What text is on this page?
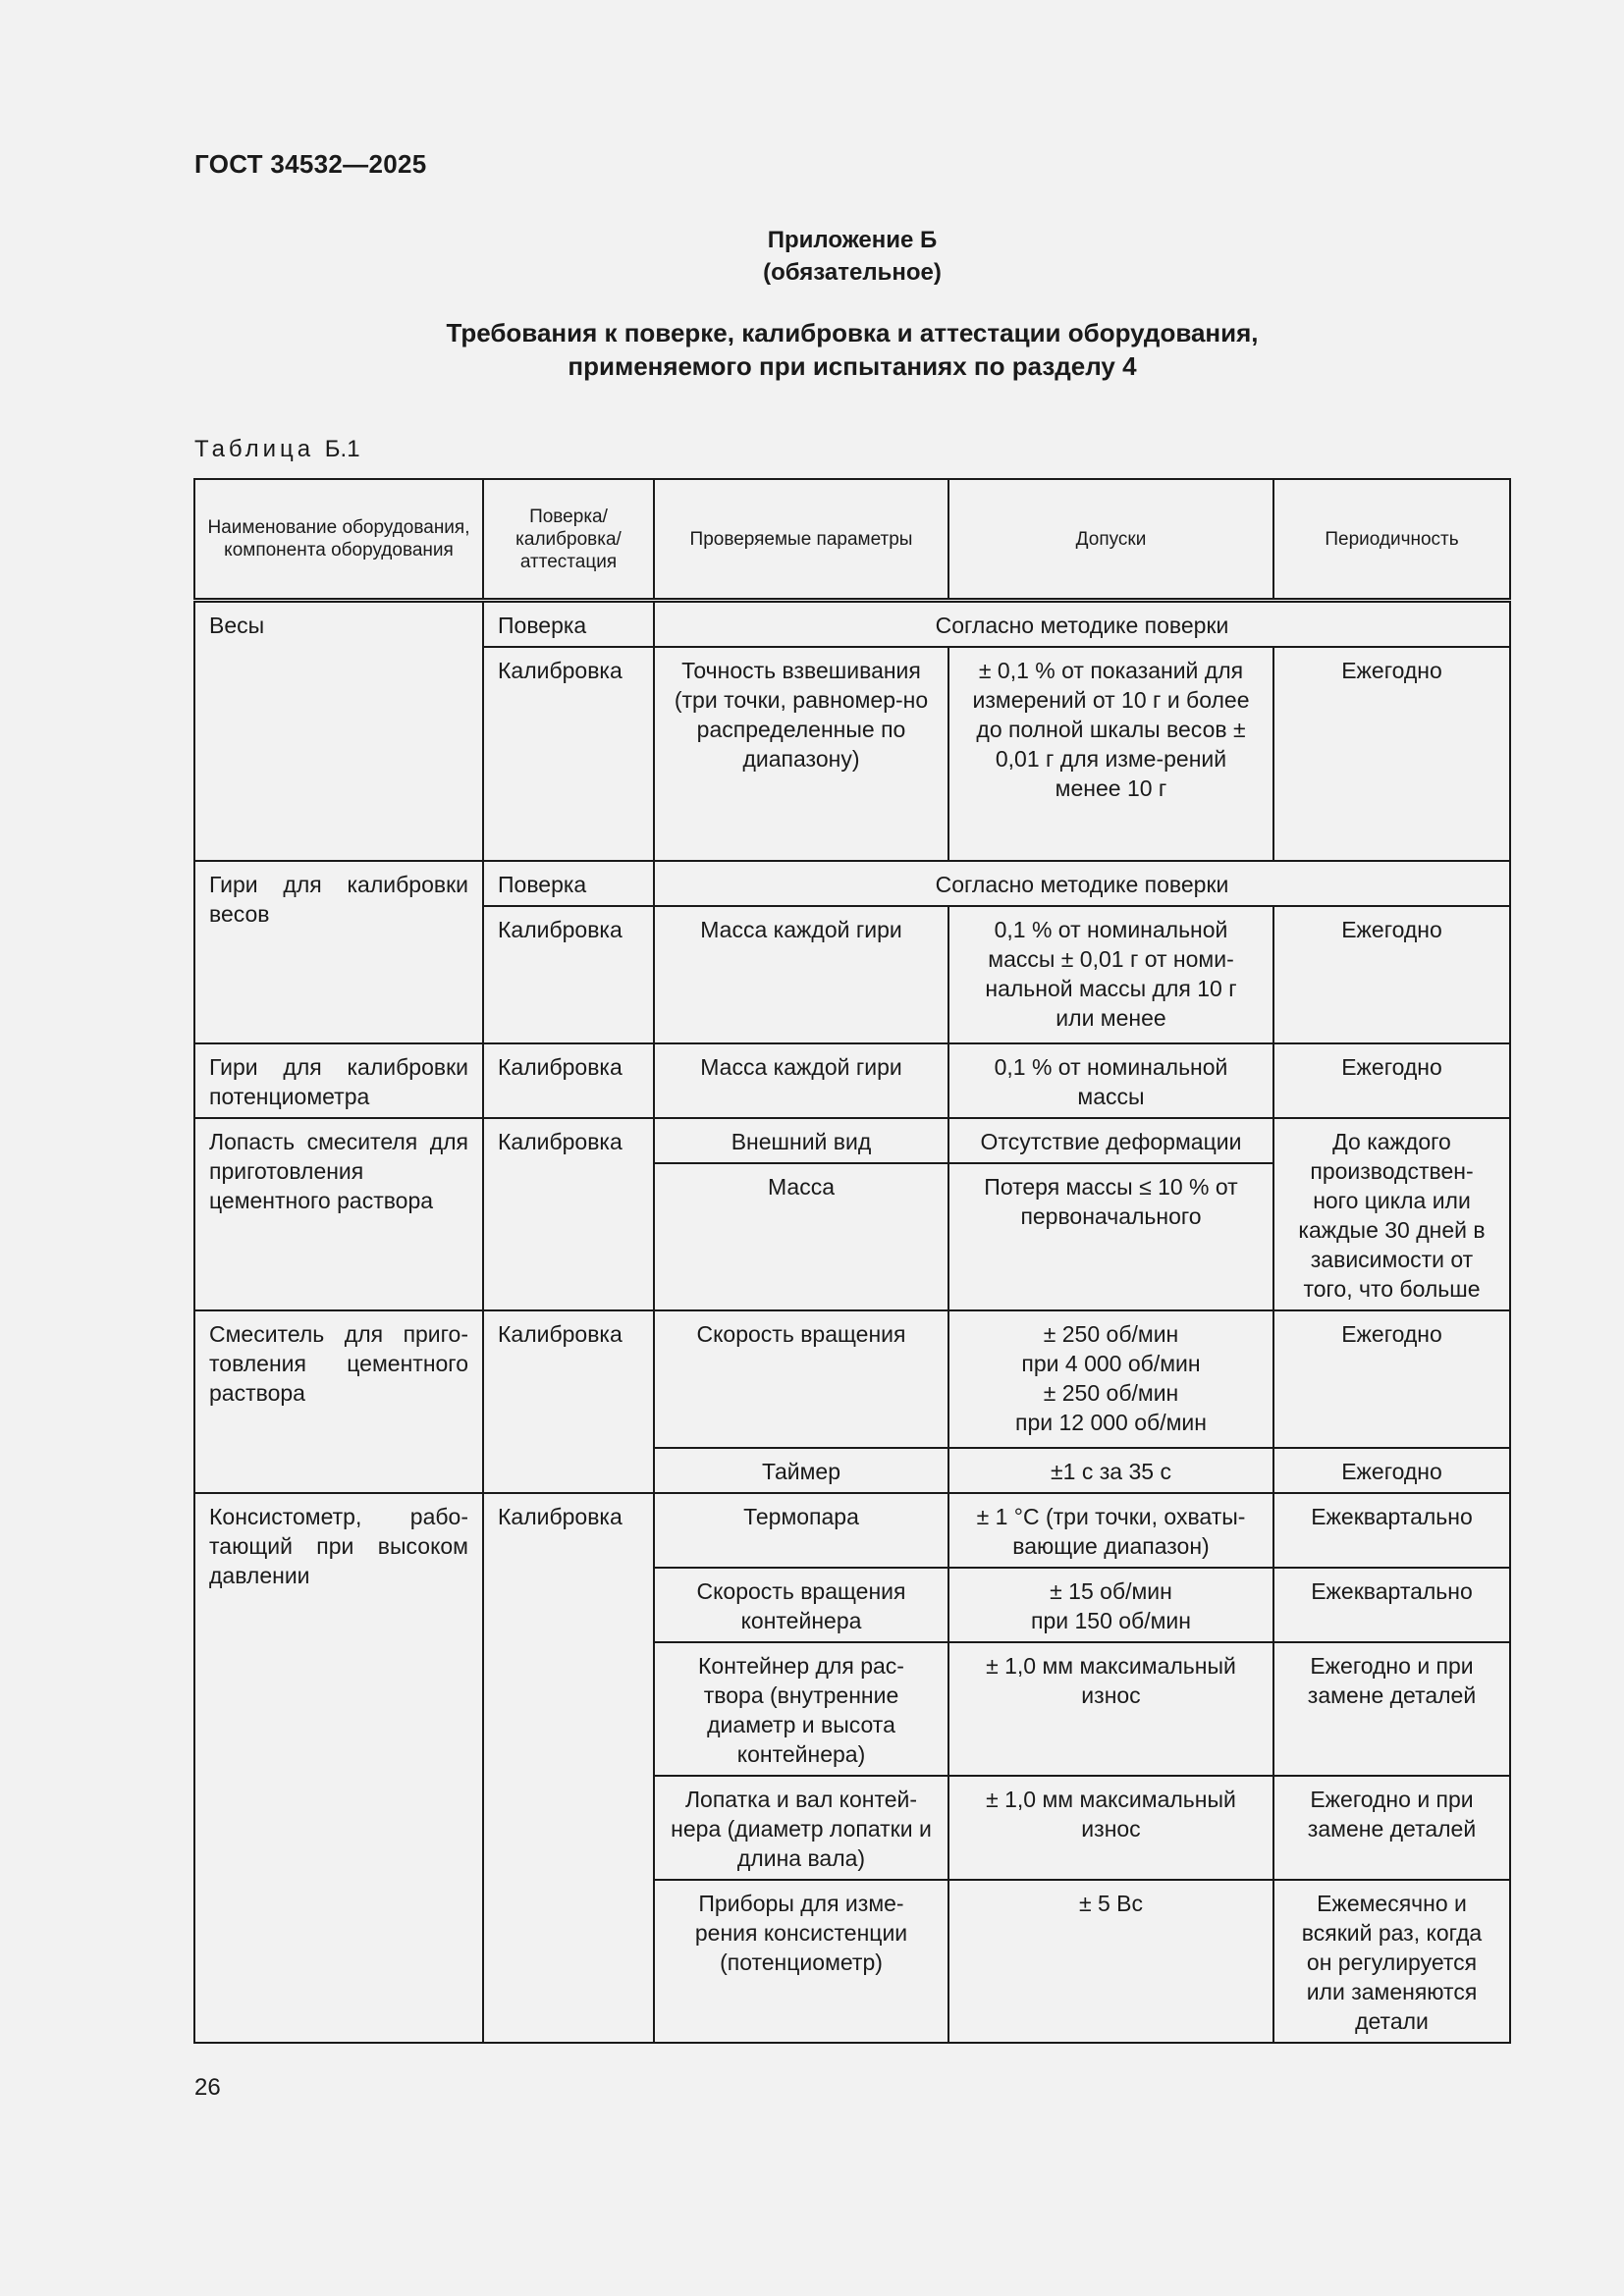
ГОСТ 34532—2025
Приложение Б
(обязательное)
Требования к поверке, калибровка и аттестации оборудования,
применяемого при испытаниях по разделу 4
Таблица Б.1
Наименование оборудования, компонента оборудования	Поверка/ калибровка/ аттестация	Проверяемые параметры	Допуски	Периодичность
Весы	Поверка	Согласно методике поверки		
	Калибровка	Точность взвешивания (три точки, равномер-но распределенные по диапазону)	± 0,1 % от показаний для измерений от 10 г и более до полной шкалы весов ± 0,01 г для изме-рений менее 10 г	Ежегодно
Гири для калибровки весов	Поверка	Согласно методике поверки		
	Калибровка	Масса каждой гири	0,1 % от номинальной массы ± 0,01 г от номи-нальной массы для 10 г или менее	Ежегодно
Гири для калибровки потенциометра	Калибровка	Масса каждой гири	0,1 % от номинальной массы	Ежегодно
Лопасть смесителя для приготовления цементного раствора	Калибровка	Внешний вид	Отсутствие деформации	До каждого производствен-ного цикла или каждые 30 дней в зависимости от того, что больше
		Масса	Потеря массы ≤ 10 % от первоначального	
Смеситель для приго-товления цементного раствора	Калибровка	Скорость вращения	± 250 об/мин
при 4 000 об/мин
± 250 об/мин
при 12 000 об/мин	Ежегодно
		Таймер	±1 с за 35 с	Ежегодно
Консистометр, рабо-тающий при высоком давлении	Калибровка	Термопара	± 1 °С (три точки, охваты-вающие диапазон)	Ежеквартально
		Скорость вращения контейнера	± 15 об/мин
при 150 об/мин	Ежеквартально
		Контейнер для рас-твора (внутренние диаметр и высота контейнера)	± 1,0 мм максимальный износ	Ежегодно и при замене деталей
		Лопатка и вал контей-нера (диаметр лопатки и длина вала)	± 1,0 мм максимальный износ	Ежегодно и при замене деталей
		Приборы для изме-рения консистенции (потенциометр)	± 5 Вс	Ежемесячно и всякий раз, когда он регулируется или заменяются детали
26
